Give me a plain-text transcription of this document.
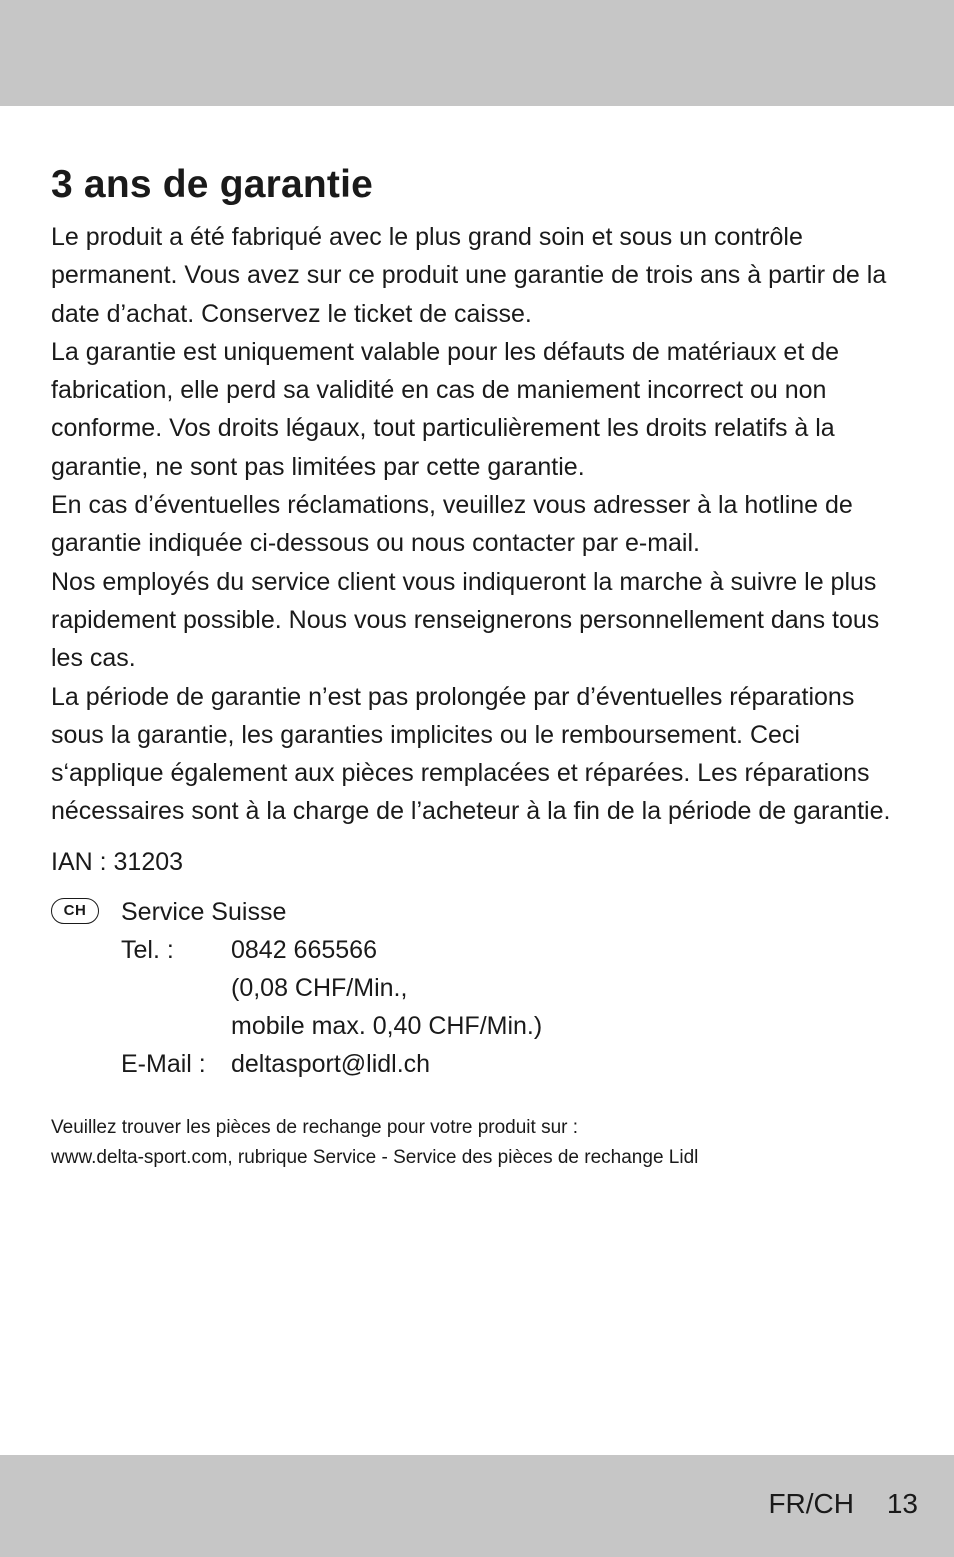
3 ans de garantie

Le produit a été fabriqué avec le plus grand soin et sous un contrôle permanent. Vous avez sur ce produit une garantie de trois ans à partir de la date d’achat. Conservez le ticket de caisse.

La garantie est uniquement valable pour les défauts de matériaux et de fabrication, elle perd sa validité en cas de maniement incorrect ou non conforme. Vos droits légaux, tout particulièrement les droits relatifs à la garantie, ne sont pas limitées par cette garantie.

En cas d’éventuelles réclamations, veuillez vous adresser à la hotline de garantie indiquée ci-dessous ou nous contacter par e-mail.

Nos employés du service client vous indiqueront la marche à suivre le plus rapidement possible. Nous vous renseignerons personnellement dans tous les cas.

La période de garantie n’est pas prolongée par d’éventuelles réparations sous la garantie, les garanties implicites ou le remboursement. Ceci s‘applique également aux pièces remplacées et réparées. Les réparations nécessaires sont à la charge de l’acheteur à la fin de la période de garantie.

IAN : 31203

CH	Service Suisse
Tel. :	0842 665566
(0,08 CHF/Min.,
mobile max. 0,40 CHF/Min.)
E-Mail :	deltasport@lidl.ch
Veuillez trouver les pièces de rechange pour votre produit sur :
www.delta-sport.com, rubrique Service - Service des pièces de rechange Lidl
FR/CH 13
